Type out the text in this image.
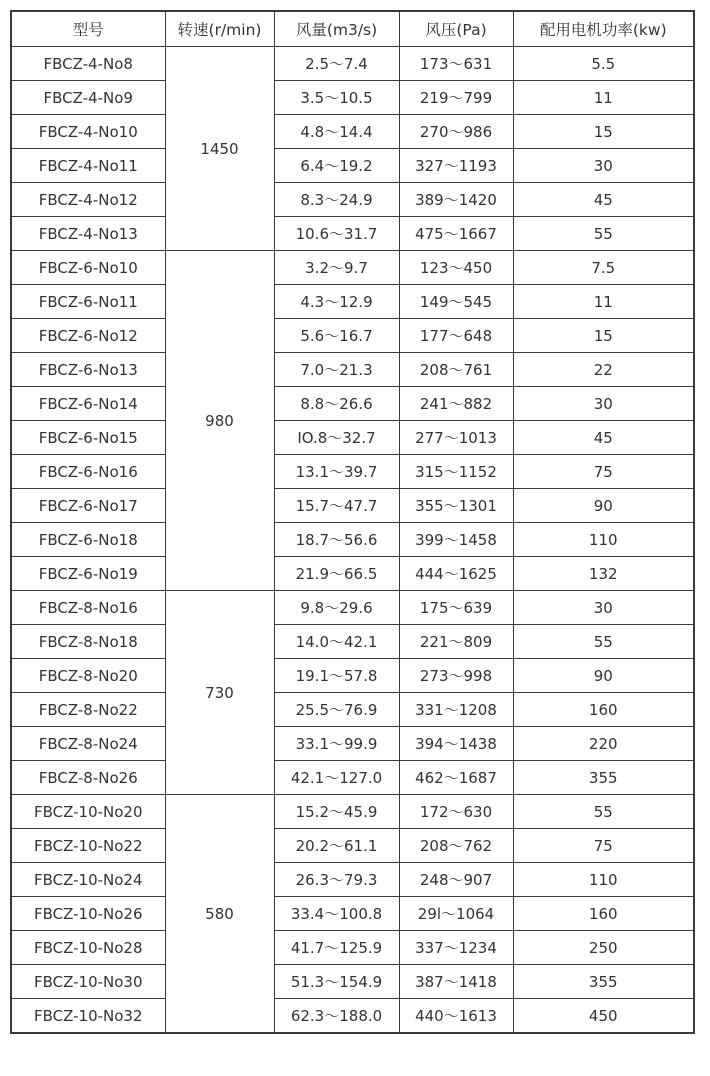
型号	转速(r/min)	风量(m3/s)	风压(Pa)	配用电机功率(kw)
FBCZ-4-No8	1450	2.5～7.4	173～631	5.5
FBCZ-4-No9		3.5～10.5	219～799	11
FBCZ-4-No10		4.8～14.4	270～986	15
FBCZ-4-No11		6.4～19.2	327～1193	30
FBCZ-4-No12		8.3～24.9	389～1420	45
FBCZ-4-No13		10.6～31.7	475～1667	55
FBCZ-6-No10	980	3.2～9.7	123～450	7.5
FBCZ-6-No11		4.3～12.9	149～545	11
FBCZ-6-No12		5.6～16.7	177～648	15
FBCZ-6-No13		7.0～21.3	208～761	22
FBCZ-6-No14		8.8～26.6	241～882	30
FBCZ-6-No15		IO.8～32.7	277～1013	45
FBCZ-6-No16		13.1～39.7	315～1152	75
FBCZ-6-No17		15.7～47.7	355～1301	90
FBCZ-6-No18		18.7～56.6	399～1458	110
FBCZ-6-No19		21.9～66.5	444～1625	132
FBCZ-8-No16	730	9.8～29.6	175～639	30
FBCZ-8-No18		14.0～42.1	221～809	55
FBCZ-8-No20		19.1～57.8	273～998	90
FBCZ-8-No22		25.5～76.9	331～1208	160
FBCZ-8-No24		33.1～99.9	394～1438	220
FBCZ-8-No26		42.1～127.0	462～1687	355
FBCZ-10-No20	580	15.2～45.9	172～630	55
FBCZ-10-No22		20.2～61.1	208～762	75
FBCZ-10-No24		26.3～79.3	248～907	110
FBCZ-10-No26		33.4～100.8	29l～1064	160
FBCZ-10-No28		41.7～125.9	337～1234	250
FBCZ-10-No30		51.3～154.9	387～1418	355
FBCZ-10-No32		62.3～188.0	440～1613	450
